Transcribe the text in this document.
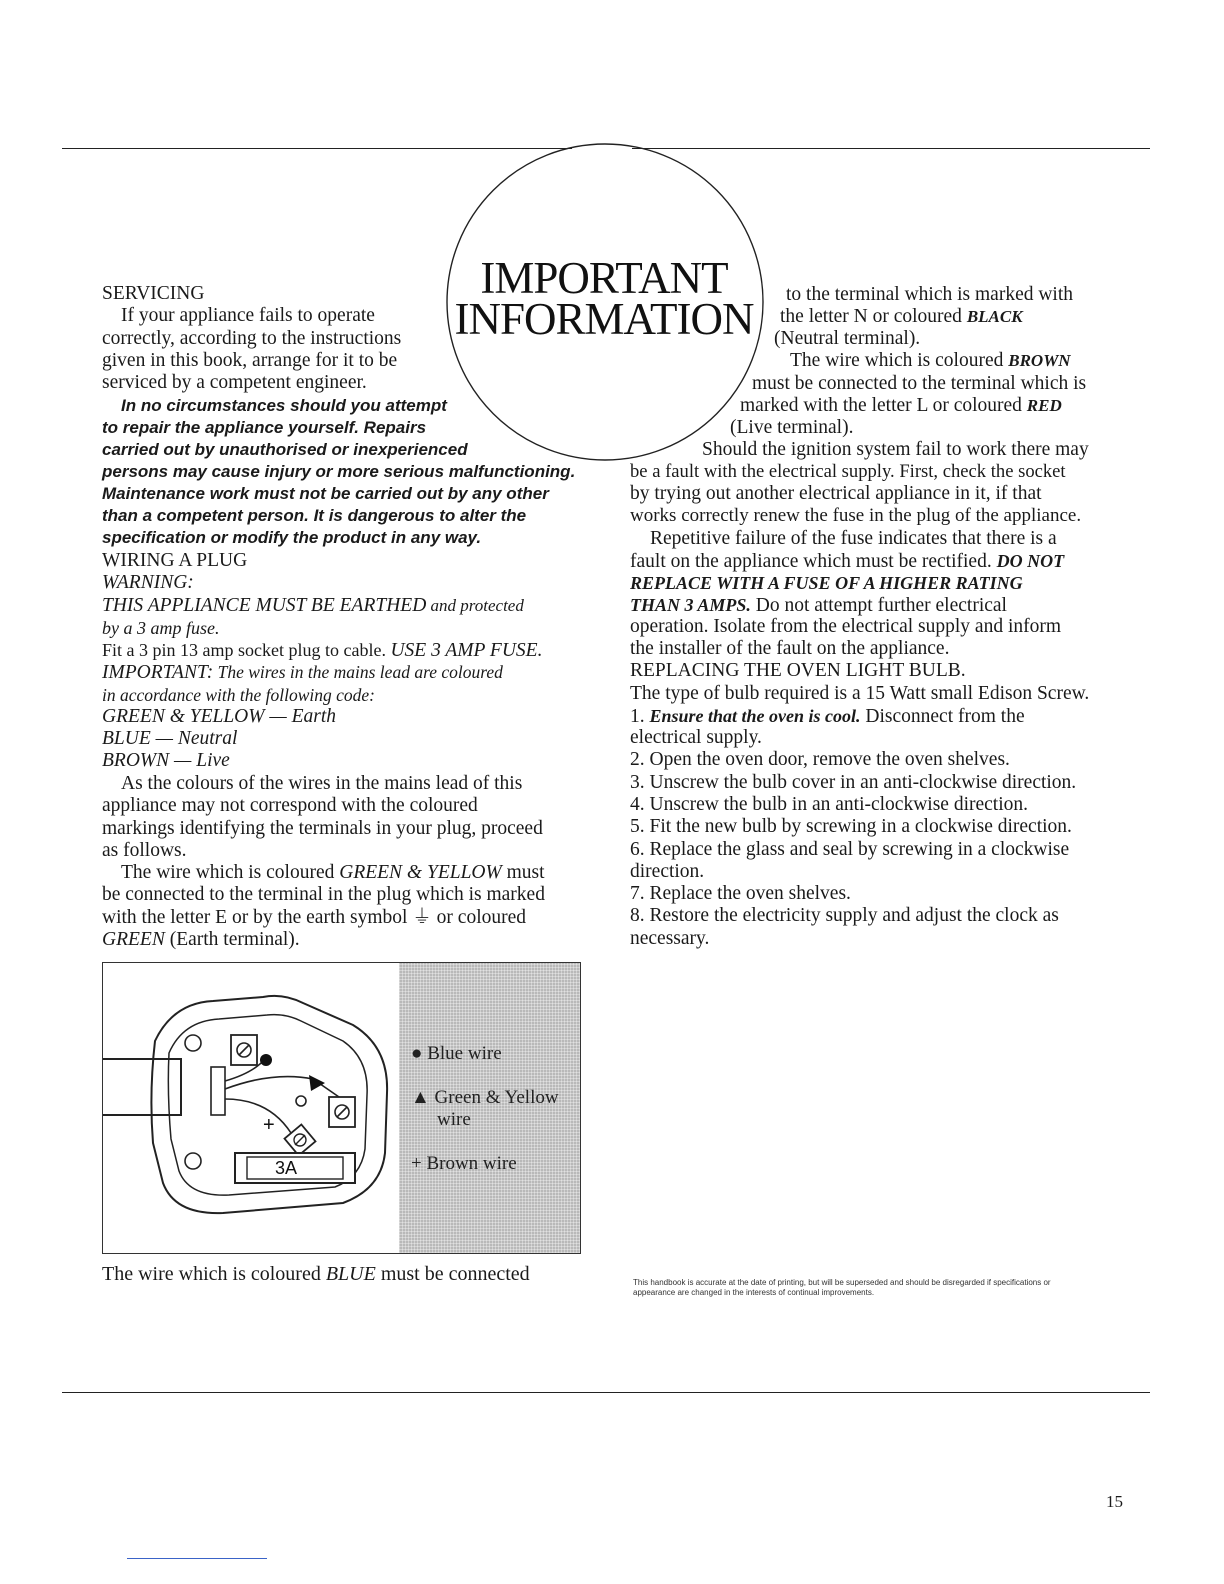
IMPORTANT
INFORMATION
SERVICING
If your appliance fails to operate
correctly, according to the instructions
given in this book, arrange for it to be
serviced by a competent engineer.
In no circumstances should you attempt
to repair the appliance yourself. Repairs
carried out by unauthorised or inexperienced
persons may cause injury or more serious malfunctioning.
Maintenance work must not be carried out by any other
than a competent person. It is dangerous to alter the
specification or modify the product in any way.
WIRING A PLUG
WARNING:
THIS APPLIANCE MUST BE EARTHED and protected
by a 3 amp fuse.
Fit a 3 pin 13 amp socket plug to cable. USE 3 AMP FUSE.
IMPORTANT: The wires in the mains lead are coloured
in accordance with the following code:
GREEN & YELLOW — Earth
BLUE — Neutral
BROWN — Live
As the colours of the wires in the mains lead of this
appliance may not correspond with the coloured
markings identifying the terminals in your plug, proceed
as follows.
The wire which is coloured GREEN & YELLOW must
be connected to the terminal in the plug which is marked
with the letter E or by the earth symbol ⏚ or coloured
GREEN (Earth terminal).
+
3A
● Blue wire
▲ Green & Yellow
wire
+ Brown wire
The wire which is coloured BLUE must be connected
to the terminal which is marked with
the letter N or coloured BLACK
(Neutral terminal).
The wire which is coloured BROWN
must be connected to the terminal which is
marked with the letter L or coloured RED
(Live terminal).
Should the ignition system fail to work there may
be a fault with the electrical supply. First, check the socket
by trying out another electrical appliance in it, if that
works correctly renew the fuse in the plug of the appliance.
Repetitive failure of the fuse indicates that there is a
fault on the appliance which must be rectified. DO NOT
REPLACE WITH A FUSE OF A HIGHER RATING
THAN 3 AMPS. Do not attempt further electrical
operation. Isolate from the electrical supply and inform
the installer of the fault on the appliance.
REPLACING THE OVEN LIGHT BULB.
The type of bulb required is a 15 Watt small Edison Screw.
1. Ensure that the oven is cool. Disconnect from the
electrical supply.
2. Open the oven door, remove the oven shelves.
3. Unscrew the bulb cover in an anti-clockwise direction.
4. Unscrew the bulb in an anti-clockwise direction.
5. Fit the new bulb by screwing in a clockwise direction.
6. Replace the glass and seal by screwing in a clockwise
direction.
7. Replace the oven shelves.
8. Restore the electricity supply and adjust the clock as
necessary.
This handbook is accurate at the date of printing, but will be superseded and should be disregarded if specifications or appearance are changed in the interests of continual improvements.
15
